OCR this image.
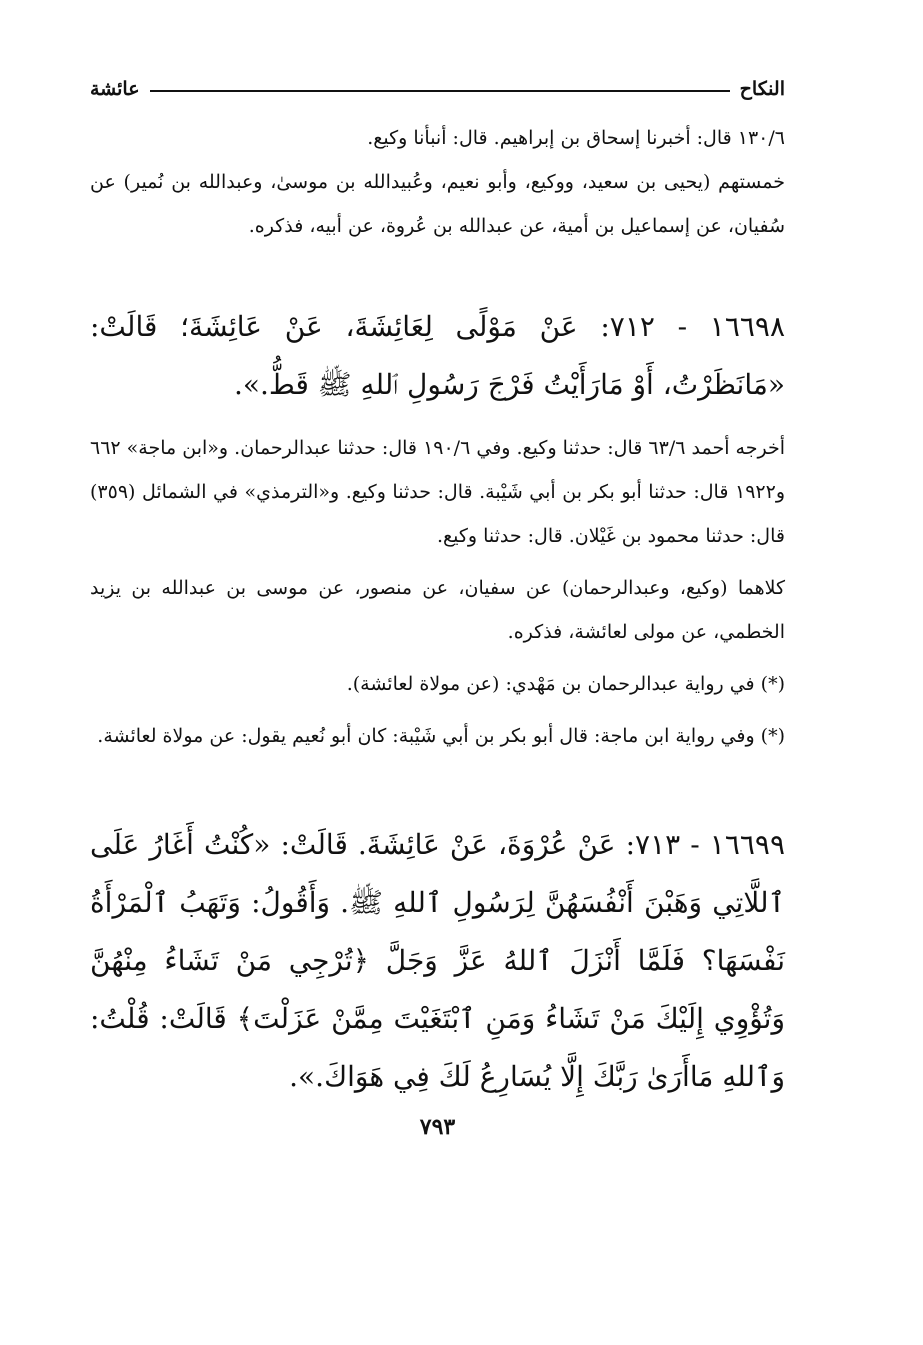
النكاح
عائشة

١٣٠/٦ قال: أخبرنا إسحاق بن إبراهيم. قال: أنبأنا وكيع.

خمستهم (يحيى بن سعيد، ووكيع، وأبو نعيم، وعُبيدالله بن موسىٰ، وعبدالله بن نُمير) عن سُفيان، عن إسماعيل بن أمية، عن عبدالله بن عُروة، عن أبيه، فذكره.

١٦٦٩٨ - ٧١٢: عَنْ مَوْلًى لِعَائِشَةَ، عَنْ عَائِشَةَ؛ قَالَتْ: «مَانَظَرْتُ، أَوْ مَارَأَيْتُ فَرْجَ رَسُولِ ٱللهِ ﷺ قَطُّ.».

أخرجه أحمد ٦٣/٦ قال: حدثنا وكيع. وفي ١٩٠/٦ قال: حدثنا عبدالرحمان. و«ابن ماجة» ٦٦٢ و١٩٢٢ قال: حدثنا أبو بكر بن أبي شَيْبة. قال: حدثنا وكيع. و«الترمذي» في الشمائل (٣٥٩) قال: حدثنا محمود بن غَيْلان. قال: حدثنا وكيع.

كلاهما (وكيع، وعبدالرحمان) عن سفيان، عن منصور، عن موسى بن عبدالله بن يزيد الخطمي، عن مولى لعائشة، فذكره.

(*) في رواية عبدالرحمان بن مَهْدي: (عن مولاة لعائشة).

(*) وفي رواية ابن ماجة: قال أبو بكر بن أبي شَيْبة: كان أبو نُعيم يقول: عن مولاة لعائشة.

١٦٦٩٩ - ٧١٣: عَنْ عُرْوَةَ، عَنْ عَائِشَةَ. قَالَتْ: «كُنْتُ أَغَارُ عَلَى ٱللَّاتِي وَهَبْنَ أَنْفُسَهُنَّ لِرَسُولِ ٱللهِ ﷺ. وَأَقُولُ: وَتَهَبُ ٱلْمَرْأَةُ نَفْسَهَا؟ فَلَمَّا أَنْزَلَ ٱللهُ عَزَّ وَجَلَّ ﴿تُرْجِي مَنْ تَشَاءُ مِنْهُنَّ وَتُؤْوِي إِلَيْكَ مَنْ تَشَاءُ وَمَنِ ٱبْتَغَيْتَ مِمَّنْ عَزَلْتَ﴾ قَالَتْ: قُلْتُ: وَٱللهِ مَاأَرَىٰ رَبَّكَ إِلَّا يُسَارِعُ لَكَ فِي هَوَاكَ.».

٧٩٣
